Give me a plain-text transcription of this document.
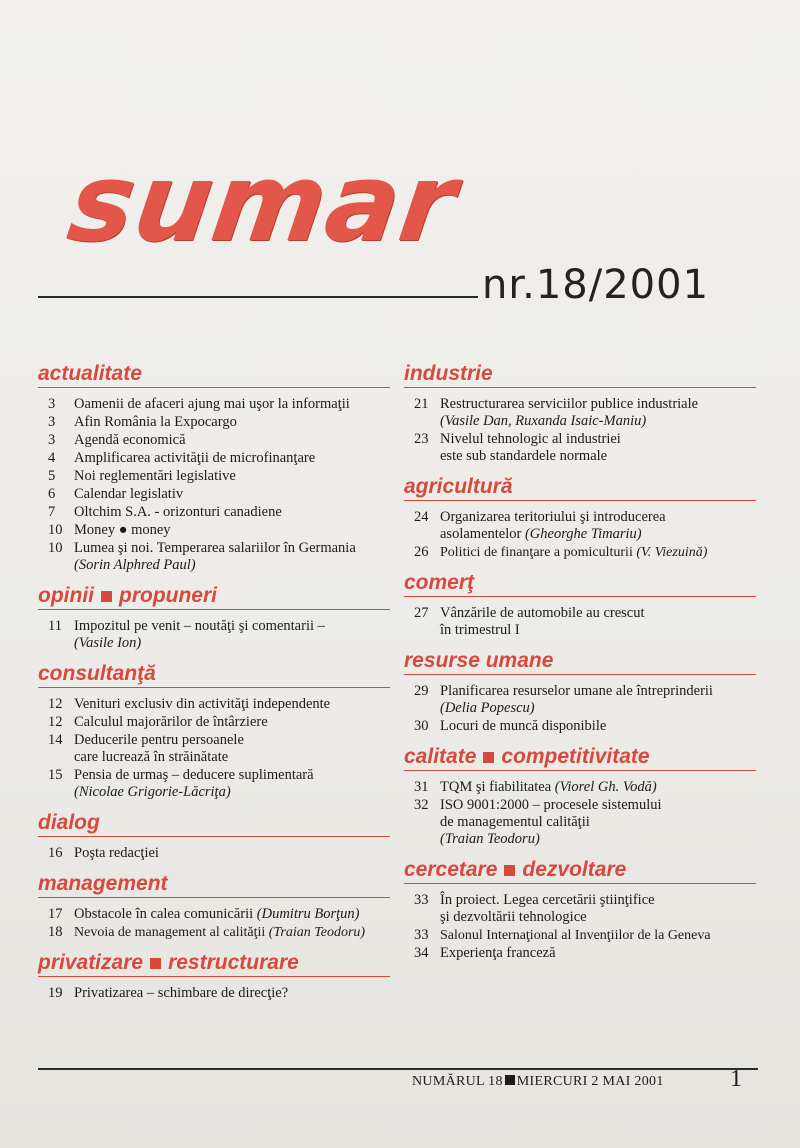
sumar
nr.18/2001
actualitate
3	Oamenii de afaceri ajung mai uşor la informaţii
3	Afin România la Expocargo
3	Agendă economică
4	Amplificarea activităţii de microfinanţare
5	Noi reglementări legislative
6	Calendar legislativ
7	Oltchim S.A. - orizonturi canadiene
10 Money ● money
10 Lumea şi noi. Temperarea salariilor în Germania
(Sorin Alphred Paul)
opinii propuneri
11 Impozitul pe venit – noutăţi şi comentarii –
(Vasile Ion)
consultanţă
12 Venituri exclusiv din activităţi independente
12 Calculul majorărilor de întârziere
14 Deducerile pentru persoanele
care lucrează în străinătate
15 Pensia de urmaş – deducere suplimentară
(Nicolae Grigorie-Lăcriţa)
dialog
16 Poşta redacţiei
management
17 Obstacole în calea comunicării (Dumitru Borţun)
18 Nevoia de management al calităţii (Traian Teodoru)
privatizare restructurare
19 Privatizarea – schimbare de direcţie?
industrie
21 Restructurarea serviciilor publice industriale
(Vasile Dan, Ruxanda Isaic-Maniu)
23 Nivelul tehnologic al industriei
este sub standardele normale
agricultură
24 Organizarea teritoriului şi introducerea
asolamentelor (Gheorghe Timariu)
26 Politici de finanţare a pomiculturii (V. Viezuină)
comerţ
27 Vânzările de automobile au crescut
în trimestrul I
resurse umane
29 Planificarea resurselor umane ale întreprinderii
(Delia Popescu)
30 Locuri de muncă disponibile
calitate competitivitate
31 TQM şi fiabilitatea (Viorel Gh. Vodă)
32 ISO 9001:2000 – procesele sistemului
de managementul calităţii
(Traian Teodoru)
cercetare dezvoltare
33 În proiect. Legea cercetării ştiinţifice
şi dezvoltării tehnologice
33 Salonul Internaţional al Invenţiilor de la Geneva
34 Experienţa franceză
NUMĂRUL 18 MIERCURI 2 MAI 2001	1
